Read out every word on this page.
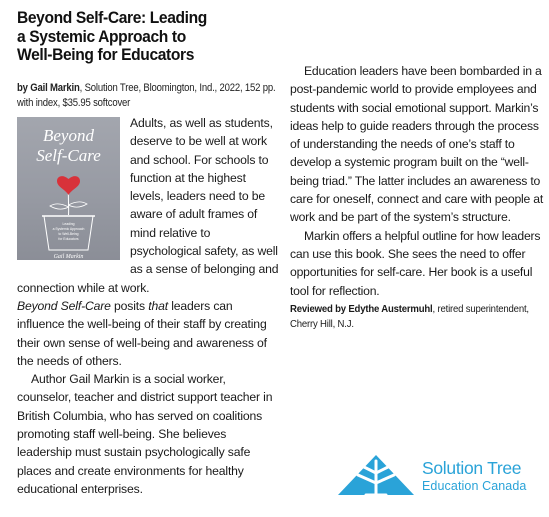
Beyond Self-Care: Leading
a Systemic Approach to
Well-Being for Educators

by Gail Markin, Solution Tree, Bloomington, Ind., 2022, 152 pp.
with index, $35.95 softcover

Beyond
Self-Care
Leading
a Systemic Approach
to Well-Being
for Educators
Gail Markin

Adults, as well as students, deserve to be well at work and school. For schools to function at the highest levels, leaders need to be aware of adult frames of mind relative to psychological safety, as well as a sense of belonging and connection while at work.

Beyond Self-Care posits that leaders can influence the well-being of their staff by creating their own sense of well-being and awareness of the needs of others.

Author Gail Markin is a social worker, counselor, teacher and district support teacher in British Columbia, who has served on coalitions promoting staff well-being. She believes leadership must sustain psychologically safe places and create environments for healthy educational enterprises.

Education leaders have been bombarded in a post-pandemic world to provide employees and students with social emotional support. Markin’s ideas help to guide readers through the process of understanding the needs of one’s staff to develop a systemic program built on the “well-being triad.” The latter includes an awareness to care for oneself, connect and care with people at work and be part of the system’s structure.

Markin offers a helpful outline for how leaders can use this book. She sees the need to offer opportunities for self-care. Her book is a useful tool for reflection.

Reviewed by Edythe Austermuhl, retired superintendent, Cherry Hill, N.J.

Solution Tree

Education Canada
